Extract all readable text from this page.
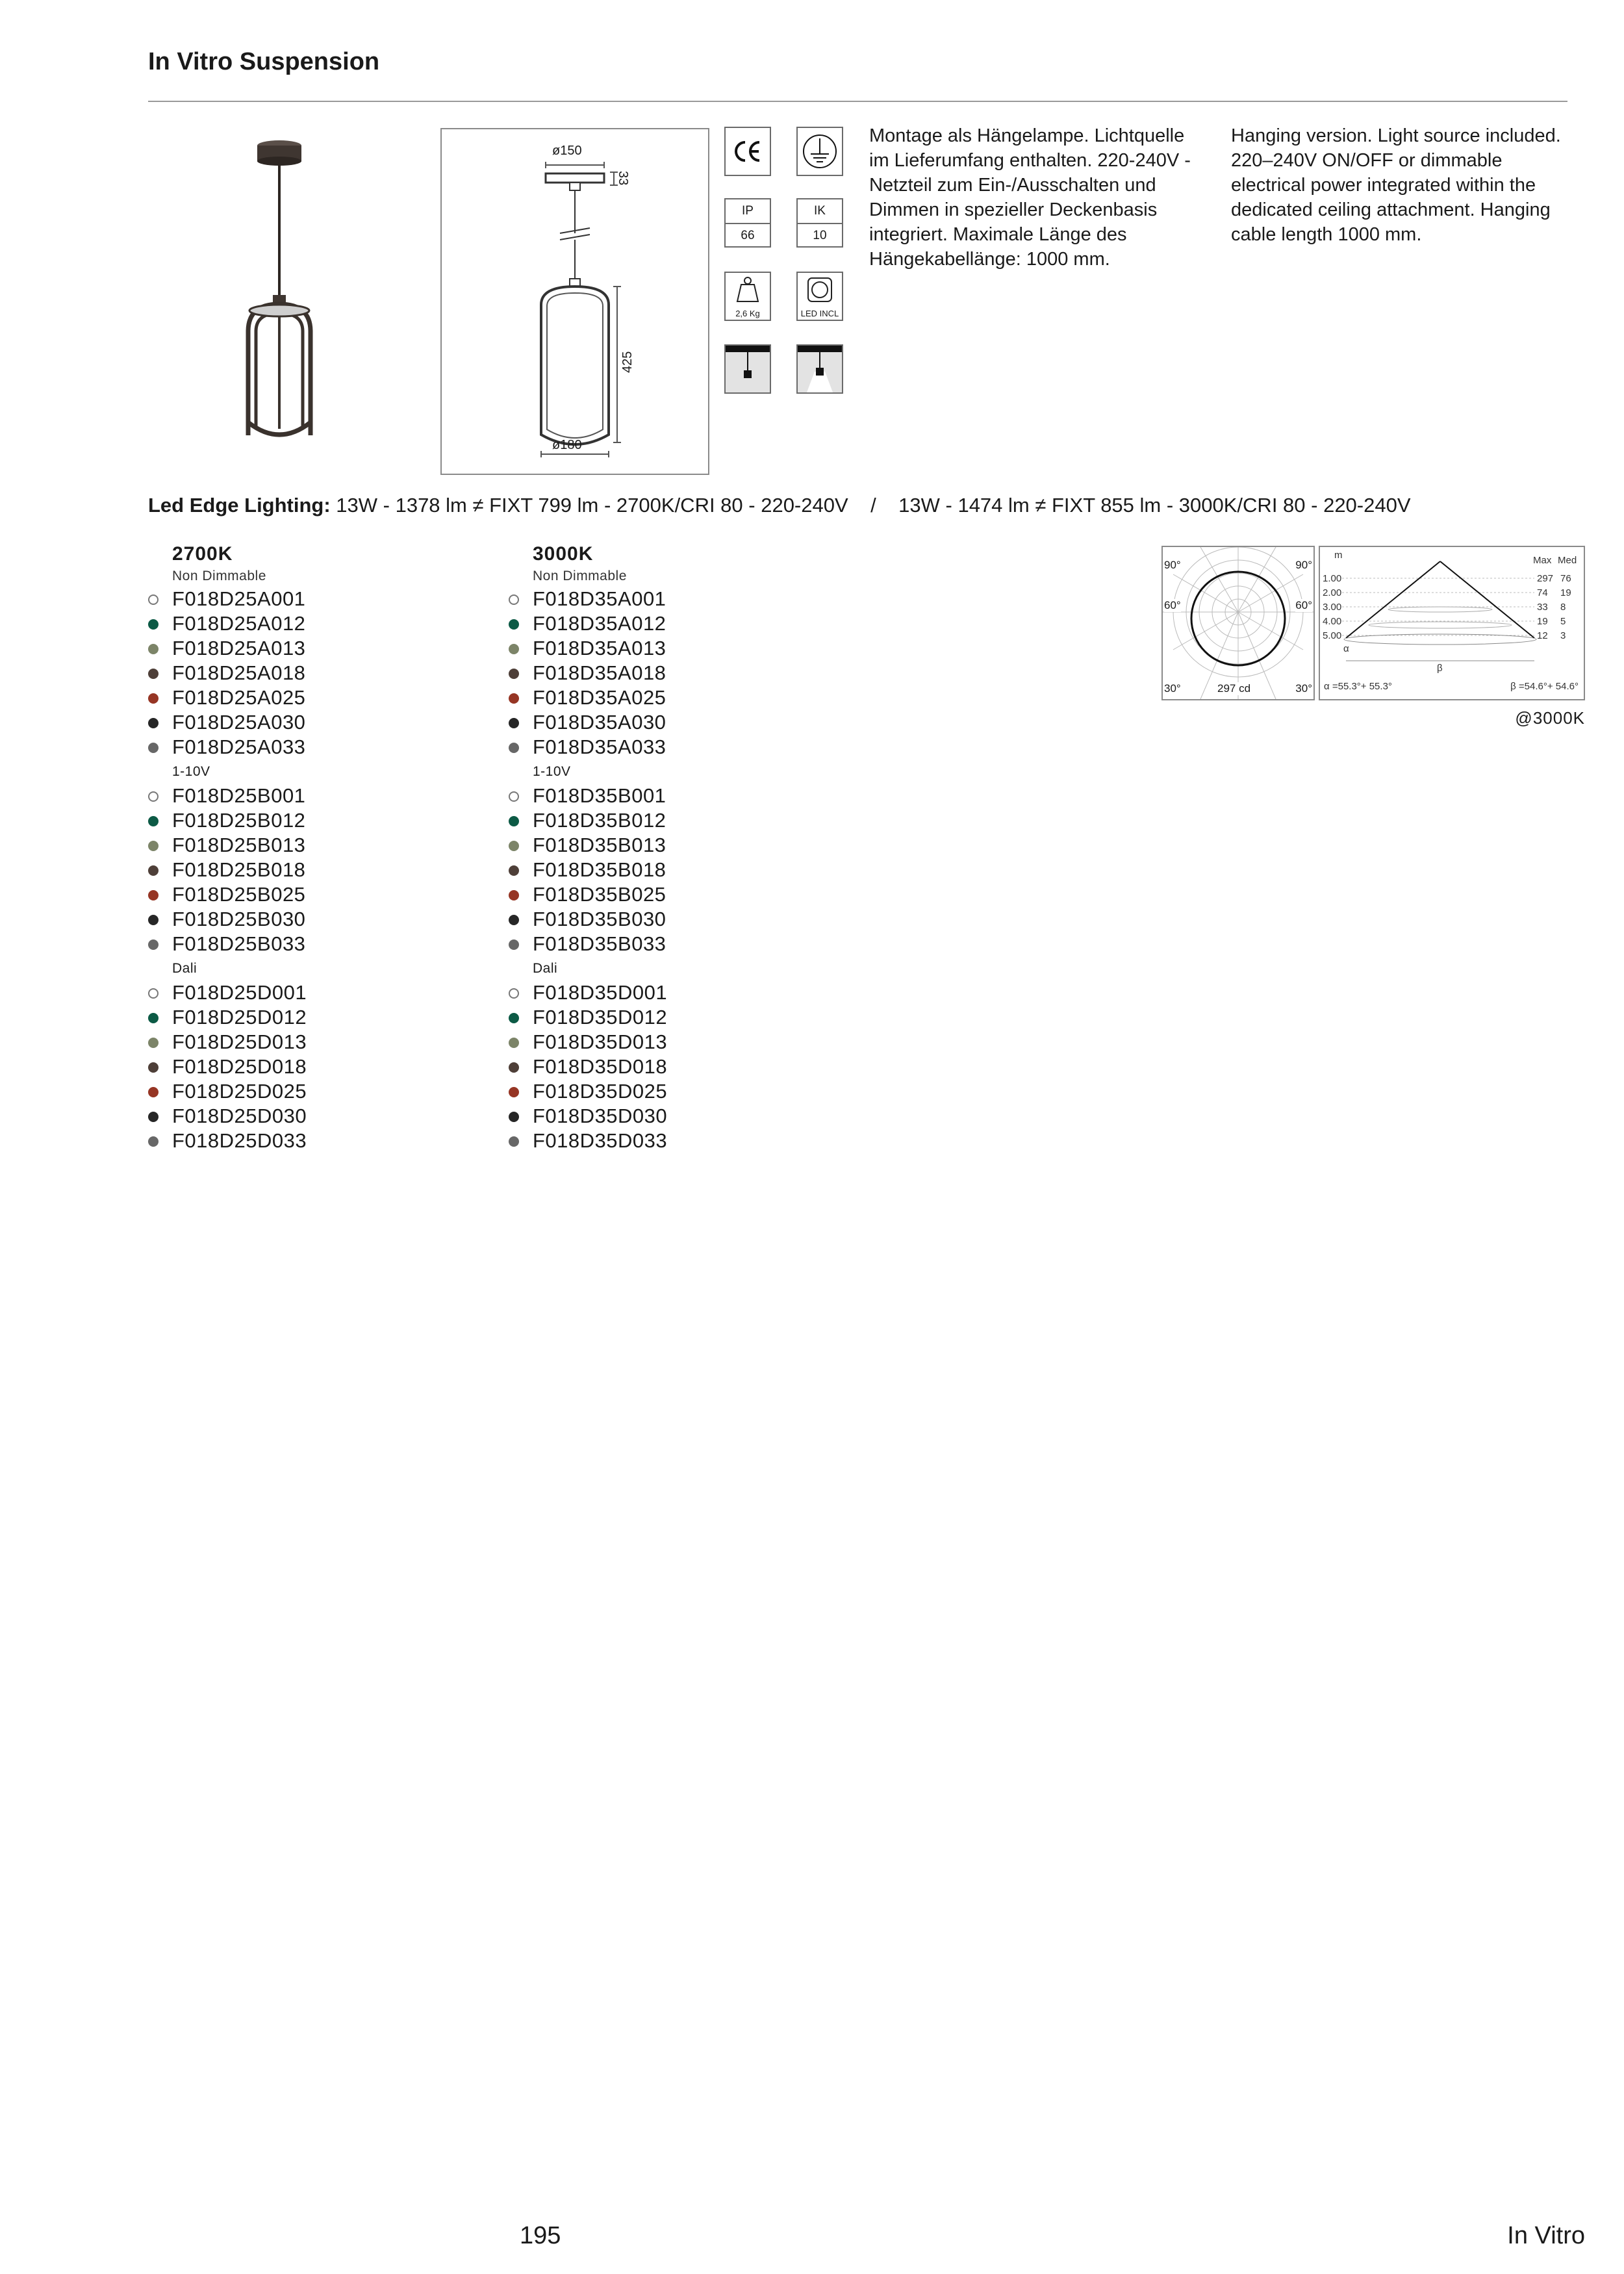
In Vitro Suspension
ø150
33
425
ø180
IP
66
IK
10
2,6 Kg	LED INCL
Montage als Hängelampe. Lichtquelle im Lieferumfang enthalten. 220-240V -Netzteil zum Ein-/Ausschalten und Dimmen in spezieller Deckenbasis integriert. Maximale Länge des Hängekabellänge: 1000 mm.
Hanging version. Light source included. 220–240V ON/OFF or dimmable electrical power integrated within the dedicated ceiling attachment. Hanging cable length 1000 mm.
Led Edge Lighting: 13W - 1378 lm ≠ FIXT 799 lm - 2700K/CRI 80 - 220-240V    /    13W - 1474 lm ≠ FIXT 855 lm - 3000K/CRI 80 - 220-240V
2700K
Non Dimmable
F018D25A001
F018D25A012
F018D25A013
F018D25A018
F018D25A025
F018D25A030
F018D25A033
1-10V
F018D25B001
F018D25B012
F018D25B013
F018D25B018
F018D25B025
F018D25B030
F018D25B033
Dali
F018D25D001
F018D25D012
F018D25D013
F018D25D018
F018D25D025
F018D25D030
F018D25D033
3000K
Non Dimmable
F018D35A001
F018D35A012
F018D35A013
F018D35A018
F018D35A025
F018D35A030
F018D35A033
1-10V
F018D35B001
F018D35B012
F018D35B013
F018D35B018
F018D35B025
F018D35B030
F018D35B033
Dali
F018D35D001
F018D35D012
F018D35D013
F018D35D018
F018D35D025
F018D35D030
F018D35D033
90°	90°
60°	60°
30°	30°
297 cd
m	Max Med
1.00	297 76
2.00	74 19
3.00	33 8
4.00	19 5
5.00	12 3
α
β
α =55.3°+ 55.3°	β =54.6°+ 54.6°
@3000K
195	In Vitro
